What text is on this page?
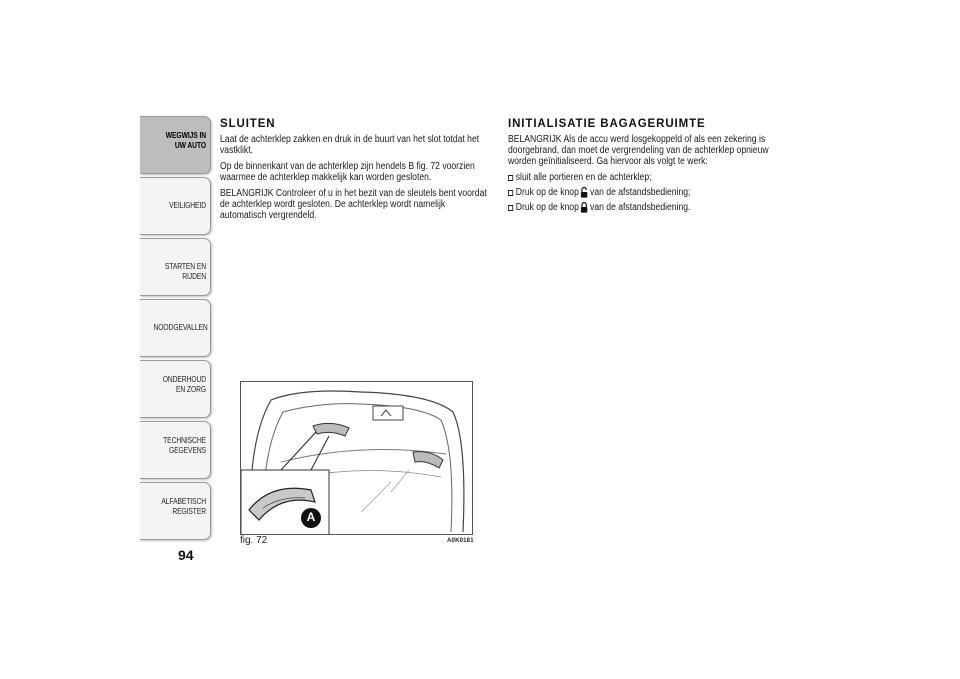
WEGWIJS IN UW AUTO
VEILIGHEID
STARTEN EN RIJDEN
NOODGEVALLEN
ONDERHOUD EN ZORG
TECHNISCHE GEGEVENS
ALFABETISCH REGISTER
94
SLUITEN
Laat de achterklep zakken en druk in de buurt van het slot totdat het vastklikt.
Op de binnenkant van de achterklep zijn hendels B fig. 72 voorzien waarmee de achterklep makkelijk kan worden gesloten.
BELANGRIJK Controleer of u in het bezit van de sleutels bent voordat de achterklep wordt gesloten. De achterklep wordt namelijk automatisch vergrendeld.
INITIALISATIE BAGAGERUIMTE
BELANGRIJK Als de accu werd losgekoppeld of als een zekering is doorgebrand, dan moet de vergrendeling van de achterklep opnieuw worden geïnitialiseerd. Ga hiervoor als volgt te werk:
sluit alle portieren en de achterklep;
Druk op de knop van de afstandsbediening;
Druk op de knop van de afstandsbediening.
A
fig. 72	A0K0181
